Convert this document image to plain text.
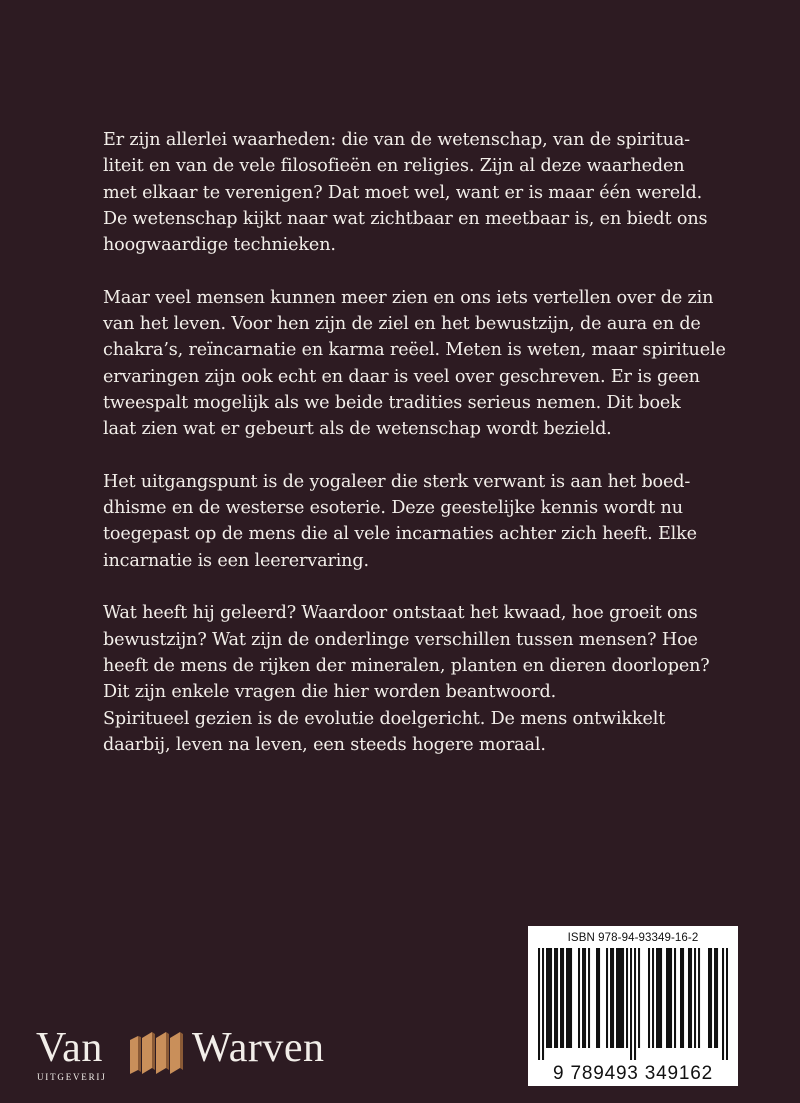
Er zijn allerlei waarheden: die van de wetenschap, van de spiritua-
liteit en van de vele filosofieën en religies. Zijn al deze waarheden
met elkaar te verenigen? Dat moet wel, want er is maar één wereld.
De wetenschap kijkt naar wat zichtbaar en meetbaar is, en biedt ons
hoogwaardige technieken.

Maar veel mensen kunnen meer zien en ons iets vertellen over de zin
van het leven. Voor hen zijn de ziel en het bewustzijn, de aura en de
chakra’s, reïncarnatie en karma reëel. Meten is weten, maar spirituele
ervaringen zijn ook echt en daar is veel over geschreven. Er is geen
tweespalt mogelijk als we beide tradities serieus nemen. Dit boek
laat zien wat er gebeurt als de wetenschap wordt bezield.

Het uitgangspunt is de yogaleer die sterk verwant is aan het boed-
dhisme en de westerse esoterie. Deze geestelijke kennis wordt nu
toegepast op de mens die al vele incarnaties achter zich heeft. Elke
incarnatie is een leerervaring.

Wat heeft hij geleerd? Waardoor ontstaat het kwaad, hoe groeit ons
bewustzijn? Wat zijn de onderlinge verschillen tussen mensen? Hoe
heeft de mens de rijken der mineralen, planten en dieren doorlopen?
Dit zijn enkele vragen die hier worden beantwoord.
Spiritueel gezien is de evolutie doelgericht. De mens ontwikkelt
daarbij, leven na leven, een steeds hogere moraal.

Van Warven
UITGEVERIJ
ISBN 978-94-93349-16-2
9 789493 349162
